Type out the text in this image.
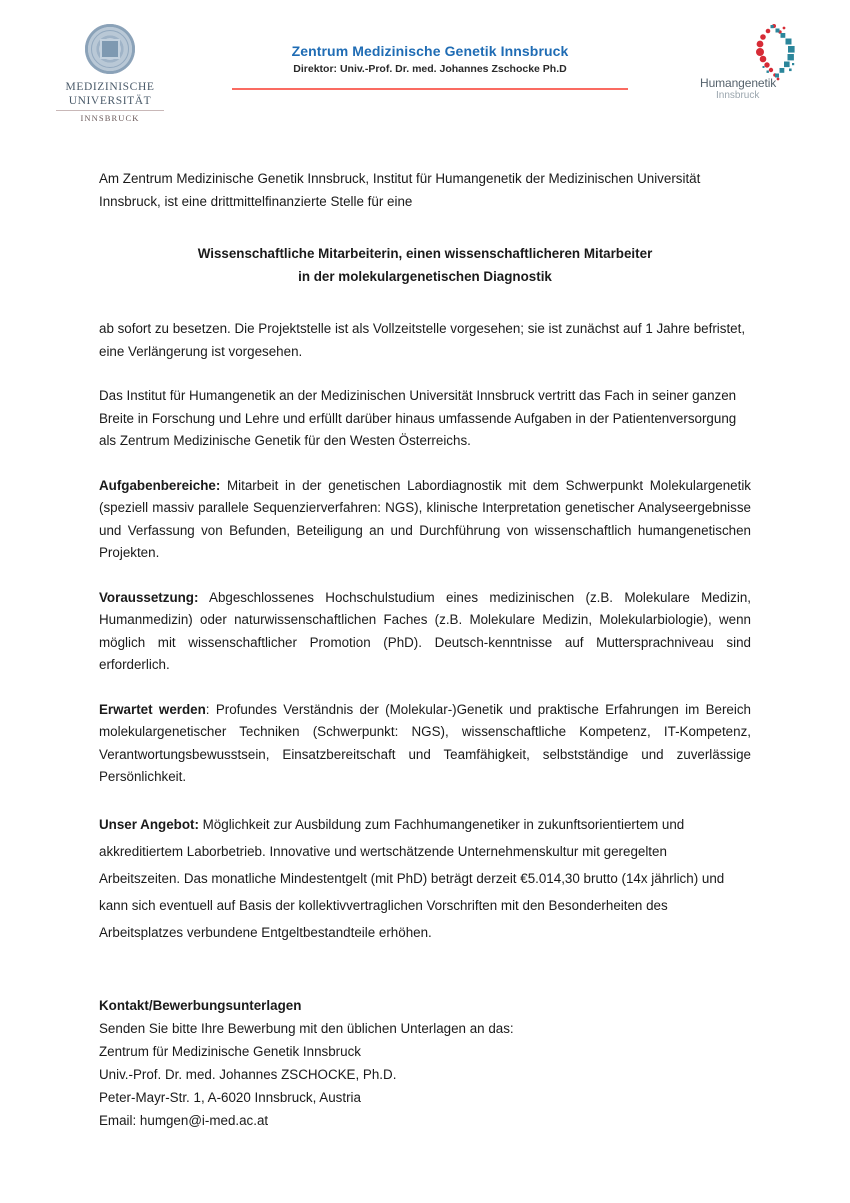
MEDIZINISCHE
UNIVERSITÄT
INNSBRUCK
Zentrum Medizinische Genetik Innsbruck
Direktor: Univ.-Prof. Dr. med. Johannes Zschocke Ph.D
Humangenetik
Innsbruck

Am Zentrum Medizinische Genetik Innsbruck, Institut für Humangenetik der Medizinischen Universität Innsbruck, ist eine drittmittelfinanzierte Stelle für eine

Wissenschaftliche Mitarbeiterin, einen wissenschaftlicheren Mitarbeiter
in der molekulargenetischen Diagnostik

ab sofort zu besetzen. Die Projektstelle ist als Vollzeitstelle vorgesehen; sie ist zunächst auf 1 Jahre befristet, eine Verlängerung ist vorgesehen.

Das Institut für Humangenetik an der Medizinischen Universität Innsbruck vertritt das Fach in seiner ganzen Breite in Forschung und Lehre und erfüllt darüber hinaus umfassende Aufgaben in der Patientenversorgung als Zentrum Medizinische Genetik für den Westen Österreichs.

Aufgabenbereiche: Mitarbeit in der genetischen Labordiagnostik mit dem Schwerpunkt Molekulargenetik (speziell massiv parallele Sequenzierverfahren: NGS), klinische Interpretation genetischer Analyseergebnisse und Verfassung von Befunden, Beteiligung an und Durchführung von wissenschaftlich humangenetischen Projekten.

Voraussetzung: Abgeschlossenes Hochschulstudium eines medizinischen (z.B. Molekulare Medizin, Humanmedizin) oder naturwissenschaftlichen Faches (z.B. Molekulare Medizin, Molekularbiologie), wenn möglich mit wissenschaftlicher Promotion (PhD). Deutsch-kenntnisse auf Muttersprachniveau sind erforderlich.

Erwartet werden: Profundes Verständnis der (Molekular-)Genetik und praktische Erfahrungen im Bereich molekulargenetischer Techniken (Schwerpunkt: NGS), wissenschaftliche Kompetenz, IT-Kompetenz, Verantwortungsbewusstsein, Einsatzbereitschaft und Teamfähigkeit, selbstständige und zuverlässige Persönlichkeit.

Unser Angebot: Möglichkeit zur Ausbildung zum Fachhumangenetiker in zukunftsorientiertem und akkreditiertem Laborbetrieb. Innovative und wertschätzende Unternehmenskultur mit geregelten Arbeitszeiten. Das monatliche Mindestentgelt (mit PhD) beträgt derzeit €5.014,30 brutto (14x jährlich) und kann sich eventuell auf Basis der kollektivvertraglichen Vorschriften mit den Besonderheiten des Arbeitsplatzes verbundene Entgeltbestandteile erhöhen.

Kontakt/Bewerbungsunterlagen
Senden Sie bitte Ihre Bewerbung mit den üblichen Unterlagen an das:
Zentrum für Medizinische Genetik Innsbruck
Univ.-Prof. Dr. med. Johannes ZSCHOCKE, Ph.D.
Peter-Mayr-Str. 1, A-6020 Innsbruck, Austria
Email: humgen@i-med.ac.at
